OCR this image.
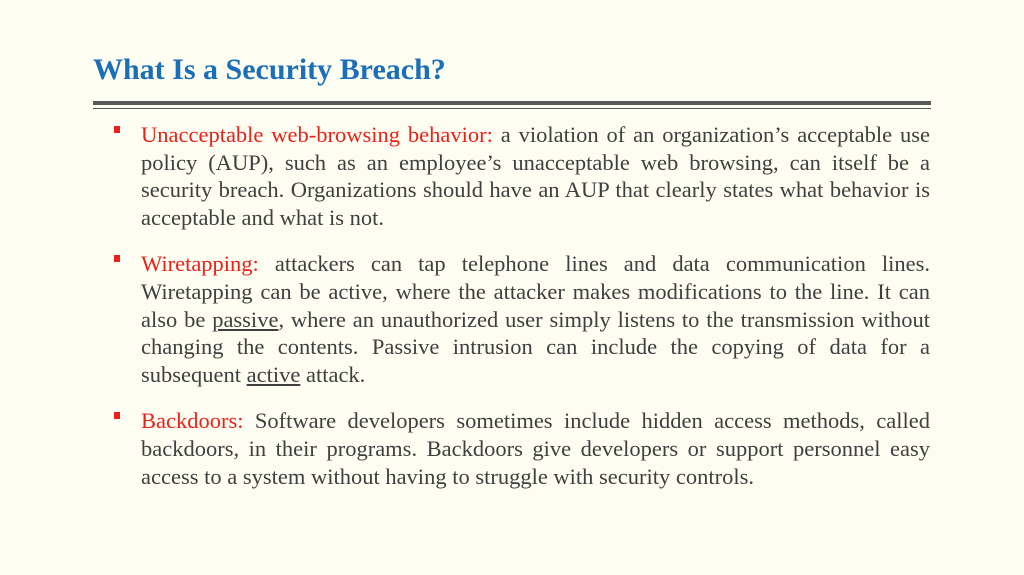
What Is a Security Breach?
Unacceptable web-browsing behavior: a violation of an organization’s acceptable use policy (AUP), such as an employee’s unacceptable web browsing, can itself be a security breach. Organizations should have an AUP that clearly states what behavior is acceptable and what is not.
Wiretapping: attackers can tap telephone lines and data communication lines. Wiretapping can be active, where the attacker makes modifications to the line. It can also be passive, where an unauthorized user simply listens to the transmission without changing the contents. Passive intrusion can include the copying of data for a subsequent active attack.
Backdoors: Software developers sometimes include hidden access methods, called backdoors, in their programs. Backdoors give developers or support personnel easy access to a system without having to struggle with security controls.
